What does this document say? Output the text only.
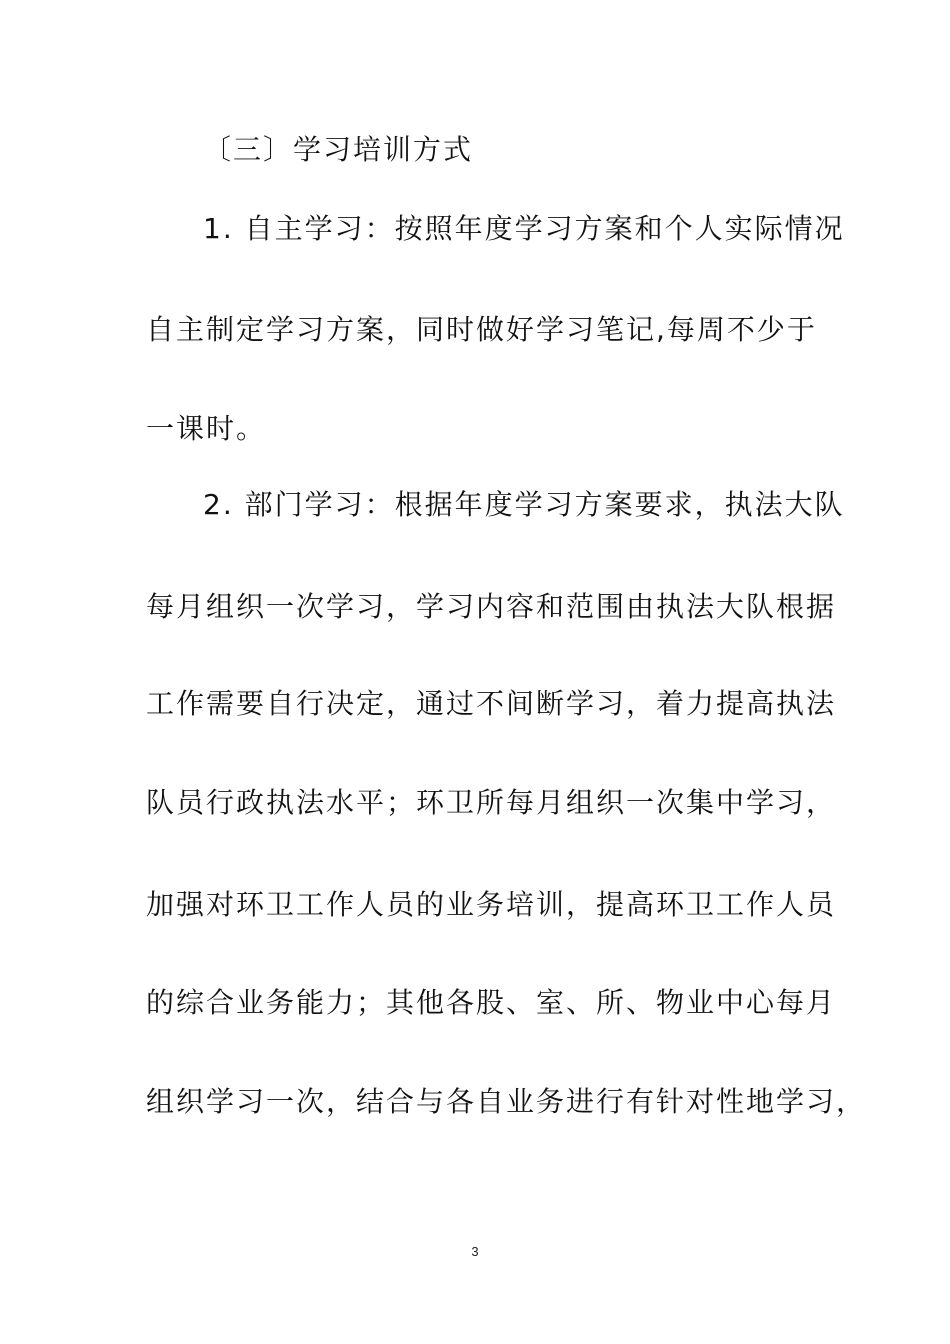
〔三〕学习培训方式
1. 自主学习：按照年度学习方案和个人实际情况
自主制定学习方案，同时做好学习笔记,每周不少于
一课时。
2. 部门学习：根据年度学习方案要求，执法大队
每月组织一次学习，学习内容和范围由执法大队根据
工作需要自行决定，通过不间断学习，着力提高执法
队员行政执法水平；环卫所每月组织一次集中学习，
加强对环卫工作人员的业务培训，提高环卫工作人员
的综合业务能力；其他各股、室、所、物业中心每月
组织学习一次，结合与各自业务进行有针对性地学习，
3
